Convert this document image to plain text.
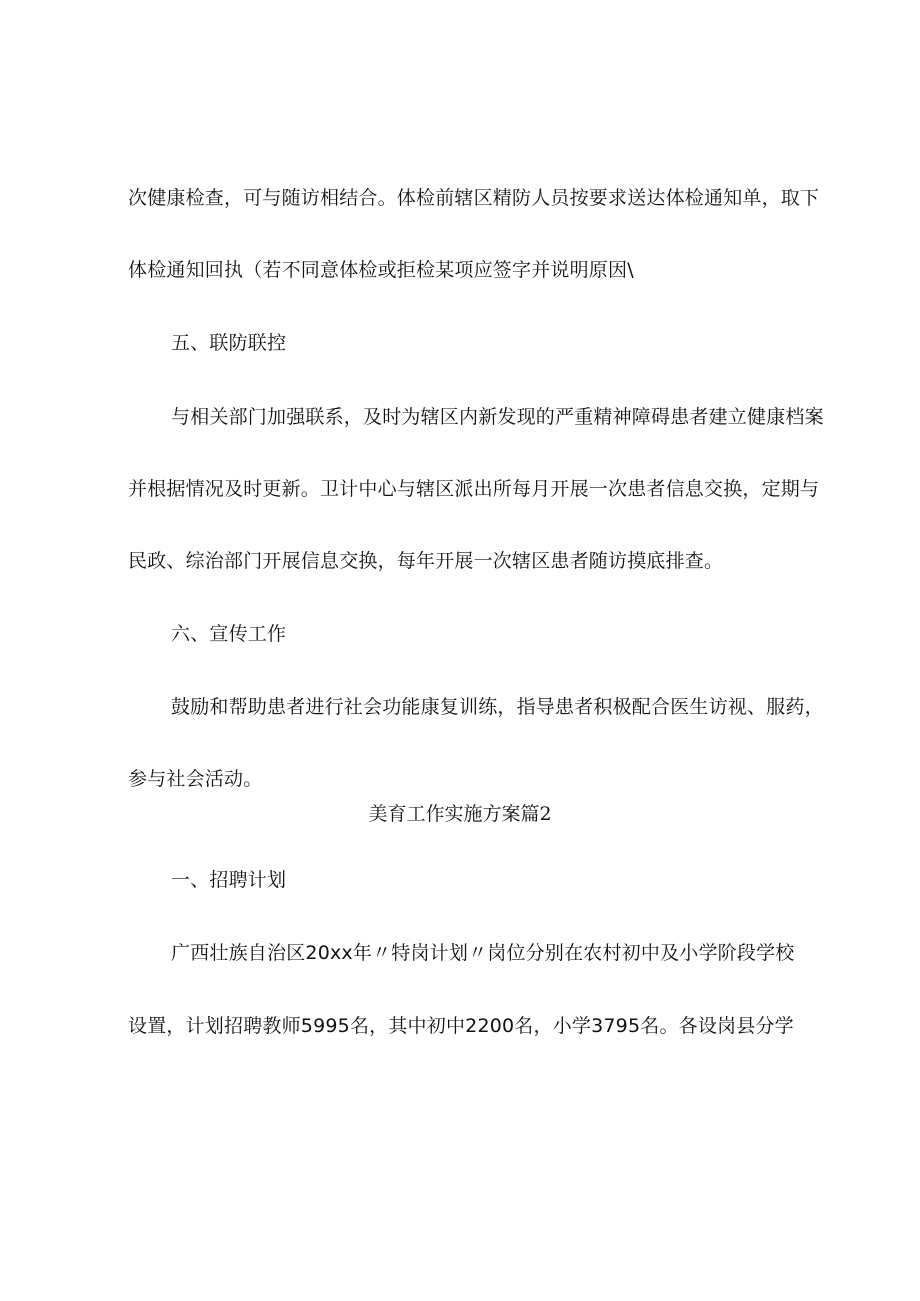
次健康检查，可与随访相结合。体检前辖区精防人员按要求送达体检通知单，取下
体检通知回执（若不同意体检或拒检某项应签字并说明原因\
五、联防联控
与相关部门加强联系，及时为辖区内新发现的严重精神障碍患者建立健康档案
并根据情况及时更新。卫计中心与辖区派出所每月开展一次患者信息交换，定期与
民政、综治部门开展信息交换，每年开展一次辖区患者随访摸底排查。
六、宣传工作
鼓励和帮助患者进行社会功能康复训练，指导患者积极配合医生访视、服药，
参与社会活动。
美育工作实施方案篇2
一、招聘计划
广西壮族自治区20xx年〃特岗计划〃岗位分别在农村初中及小学阶段学校
设置，计划招聘教师5995名，其中初中2200名，小学3795名。各设岗县分学
